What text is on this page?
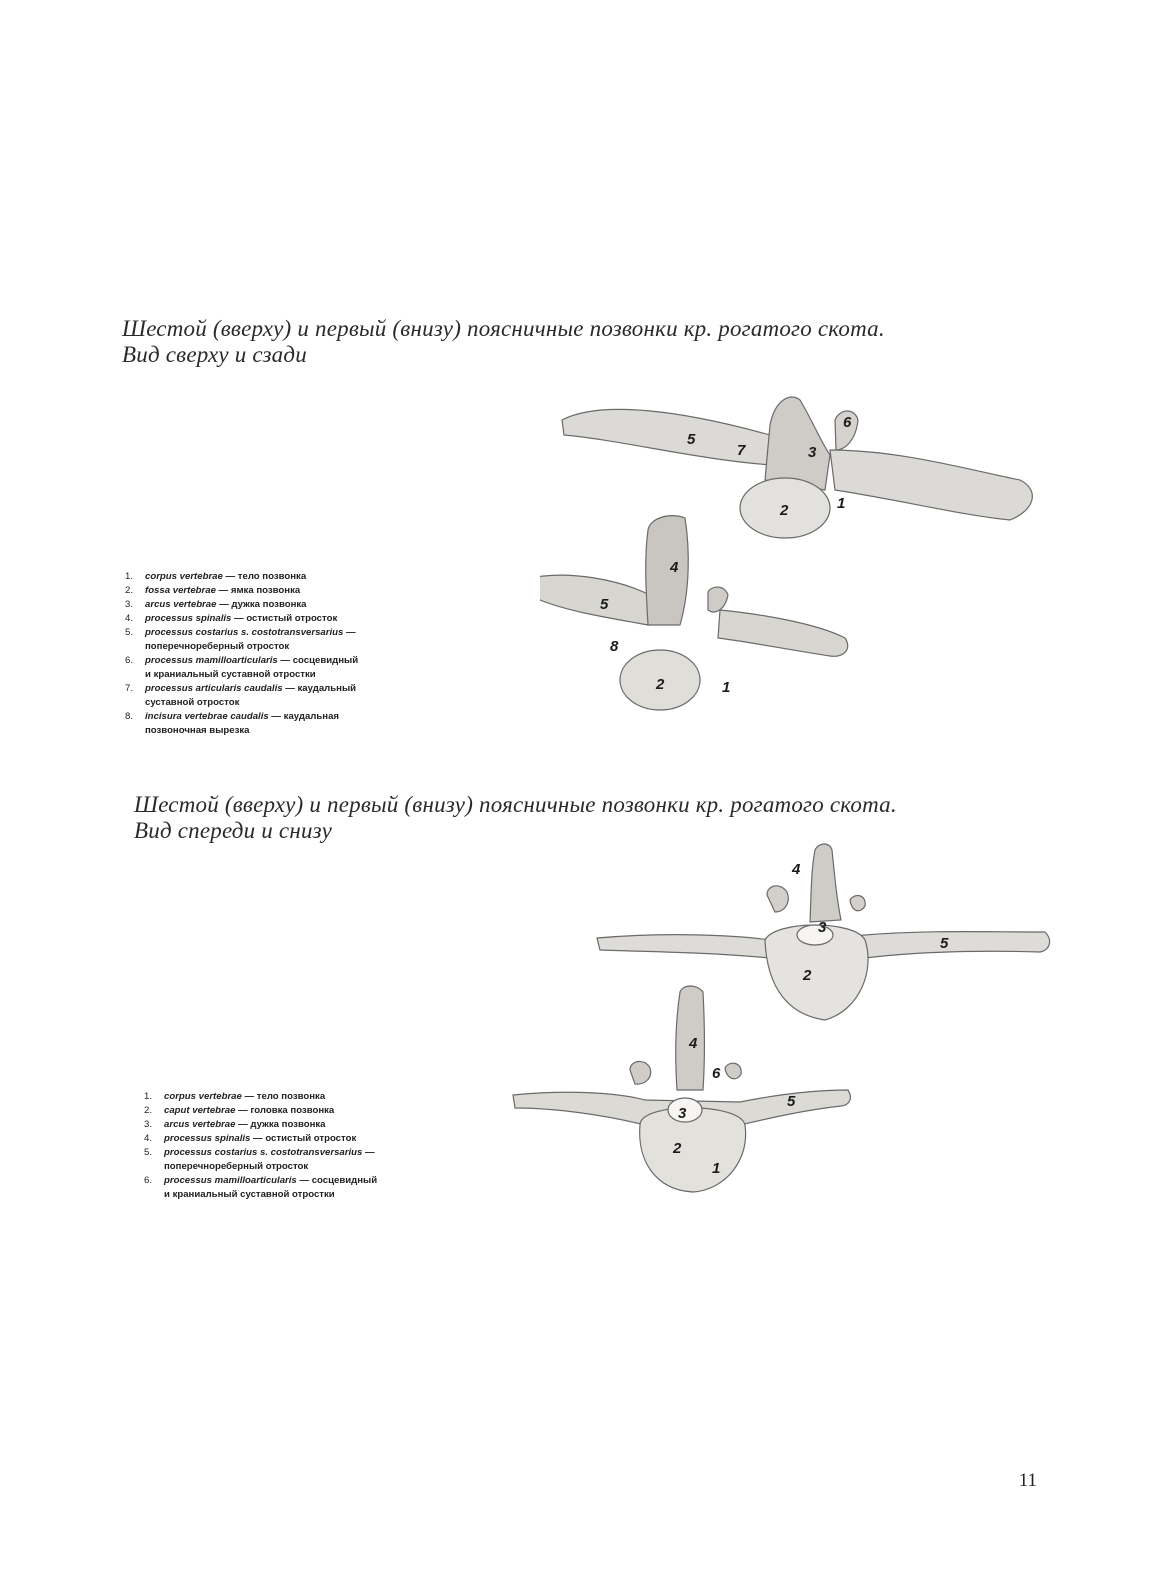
Шестой (вверху) и первый (внизу) поясничные позвонки кр. рогатого скота.
Вид сверху и сзади
1. corpus vertebrae — тело позвонка
2. fossa vertebrae — ямка позвонка
3. arcus vertebrae — дужка позвонка
4. processus spinalis — остистый отросток
5. processus costarius s. costotransversarius —
поперечнореберный отросток
6. processus mamilloarticularis — сосцевидный
и краниальный суставной отростки
7. processus articularis caudalis — каудальный
суставной отросток
8. incisura vertebrae caudalis — каудальная
позвоночная вырезка
5
7
6
3
2	1
4
5
8
2	1
Шестой (вверху) и первый (внизу) поясничные позвонки кр. рогатого скота.
Вид спереди и снизу
1. corpus vertebrae — тело позвонка
2. caput vertebrae — головка позвонка
3. arcus vertebrae — дужка позвонка
4. processus spinalis — остистый отросток
5. processus costarius s. costotransversarius —
поперечнореберный отросток
6. processus mamilloarticularis — сосцевидный
и краниальный суставной отростки
4
3
5
2
4
6
3
5
2
1
11
